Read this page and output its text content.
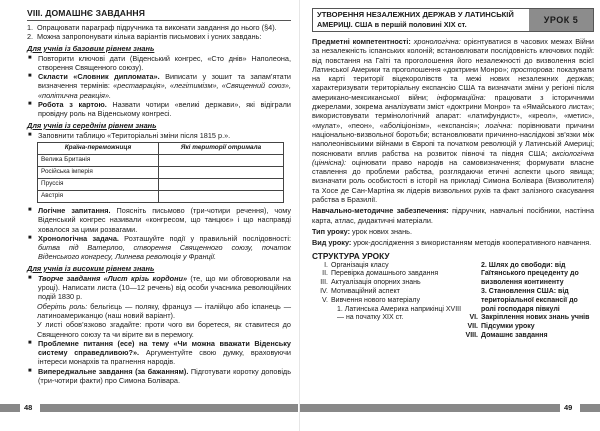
VIII. ДОМАШНЄ ЗАВДАННЯ
1. Опрацювати параграф підручника та виконати завдання до нього (§4).
2. Можна запропонувати кілька варіантів письмових і усних завдань:
Для учнів із базовим рівнем знань
■ Повторити ключові дати (Віденський конгрес, «Сто днів» Наполеона, створення Священного союзу).
■ Скласти «Словник дипломата». Виписати у зошит та запам’ятати визначення термінів: «реставрація», «легітимізм», «Священний союз», «політична реакція».
■ Робота з картою. Назвати чотири «великі держави», які відіграли провідну роль на Віденському конгресі.
Для учнів із середнім рівнем знань
■ Заповнити таблицю «Територіальні зміни після 1815 р.».
Країна-переможниця	Які території отримала
Велика Британія	
Російська імперія	
Пруссія	
Австрія	
■ Логічне запитання. Поясніть письмово (три-чотири речення), чому Віденський конгрес називали «конгресом, що танцює» і що насправді ховалося за цими розвагами.
■ Хронологічна задача. Розташуйте події у правильній послідовності: битва під Ватерлоо, створення Священного союзу, початок Віденського конгресу, Липнева революція у Франції.
Для учнів із високим рівнем знань
■ Творче завдання «Лист крізь кордони» (те, що ми обговорювали на уроці). Написати листа (10—12 речень) від особи учасника революційних подій 1830 р.
Оберіть роль: бельгієць — поляку, француз — італійцю або іспанець — латиноамериканцю (наш новий варіант).
У листі обов’язково згадайте: проти чого ви боретеся, як ставитеся до Священного союзу та чи вірите ви в перемогу.
■ Проблемне питання (есе) на тему «Чи можна вважати Віденську систему справедливою?». Аргументуйте свою думку, враховуючи інтереси монархів та прагнення народів.
■ Випереджальне завдання (за бажанням). Підготувати коротку доповідь (три-чотири факти) про Симона Болівара.
48
УТВОРЕННЯ НЕЗАЛЕЖНИХ ДЕРЖАВ У ЛАТИНСЬКІЙ
АМЕРИЦІ. США в першій половині XIX ст.	УРОК 5
Предметні компетентності: хронологічна: орієнтуватися в часових межах Війни за незалежність іспанських колоній; встановлювати послідовність ключових подій: від повстання на Гаїті та проголошення його незалежності до визволення всієї Латинської Америки та проголошення «доктрини Монро»; просторова: показувати на карті території віцекоролівств та межі нових незалежних держав; характеризувати територіальну експансію США та визначати зміни у регіоні після американо-мексиканської війни; інформаційна: працювати з історичними джерелами, зокрема аналізувати зміст «доктрини Монро» та «Ямайського листа»; використовувати термінологічний апарат: «латифундист», «креол», «метис», «мулат», «пеон», «аболіціонізм», «експансія»; логічна: порівнювати причини національно-визвольної боротьби; встановлювати причинно-наслідкові зв’язки між наполеонівськими війнами в Європі та початком революцій у Латинській Америці; пояснювати вплив рабства на розвиток півночі та півдня США; аксіологічна (ціннісна): оцінювати право народів на самовизначення; формувати власне ставлення до проблеми рабства, розглядаючи етичні аспекти цього явища; визначати роль особистості в історії на прикладі Симона Болівара (Визволителя) та Хосе де Сан-Мартіна як лідерів визвольних рухів та факт залізного скасування рабства в Бразилії.
Навчально-методичне забезпечення: підручник, навчальні посібники, настінна карта, атлас, дидактичні матеріали.
Тип уроку: урок нових знань.
Вид уроку: урок-дослідження з використанням методів кооперативного навчання.
СТРУКТУРА УРОКУ
I. Організація класу
II. Перевірка домашнього завдання
III. Актуалізація опорних знань
IV. Мотиваційний аспект
V. Вивчення нового матеріалу
1. Латинська Америка наприкінці XVIII — на початку XIX ст.
2. Шлях до свободи: від Гаїтянського прецеденту до визволення континенту
3. Становлення США: від територіальної експансії до ролі господаря півкулі
VI. Закріплення нових знань учнів
VII. Підсумки уроку
VIII. Домашнє завдання
49
